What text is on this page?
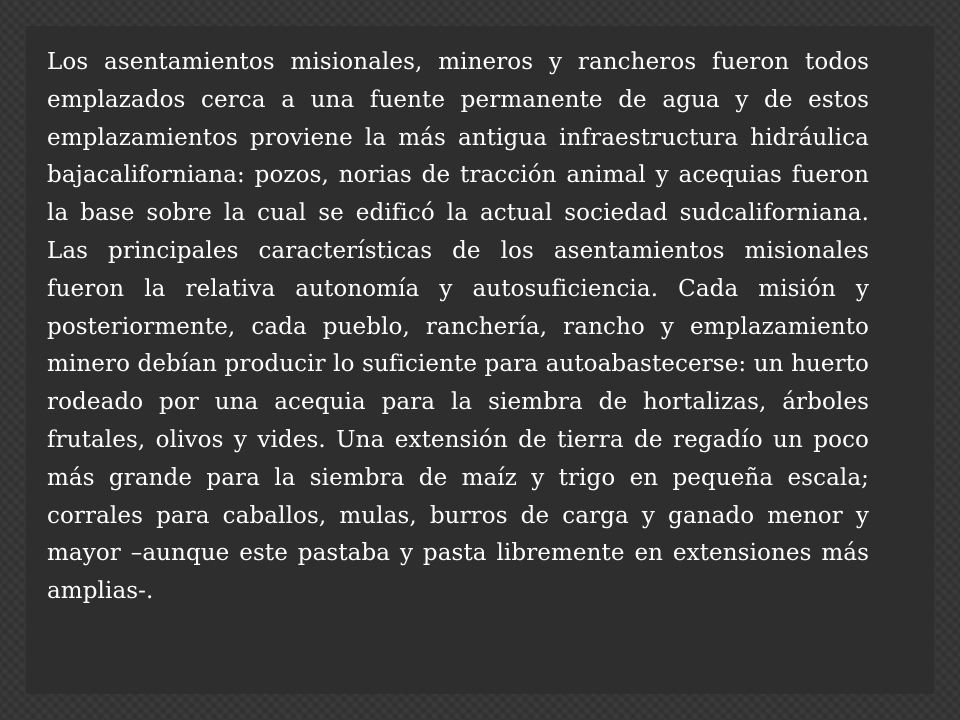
Los asentamientos misionales, mineros y rancheros fueron todos emplazados cerca a una fuente permanente de agua y de estos emplazamientos proviene la más antigua infraestructura hidráulica bajacaliforniana: pozos, norias de tracción animal y acequias fueron la base sobre la cual se edificó la actual sociedad sudcaliforniana. Las principales características de los asentamientos misionales fueron la relativa autonomía y autosuficiencia. Cada misión y posteriormente, cada pueblo, ranchería, rancho y emplazamiento minero debían producir lo suficiente para autoabastecerse: un huerto rodeado por una acequia para la siembra de hortalizas, árboles frutales, olivos y vides. Una extensión de tierra de regadío un poco más grande para la siembra de maíz y trigo en pequeña escala; corrales para caballos, mulas, burros de carga y ganado menor y mayor –aunque este pastaba y pasta libremente en extensiones más amplias-.
